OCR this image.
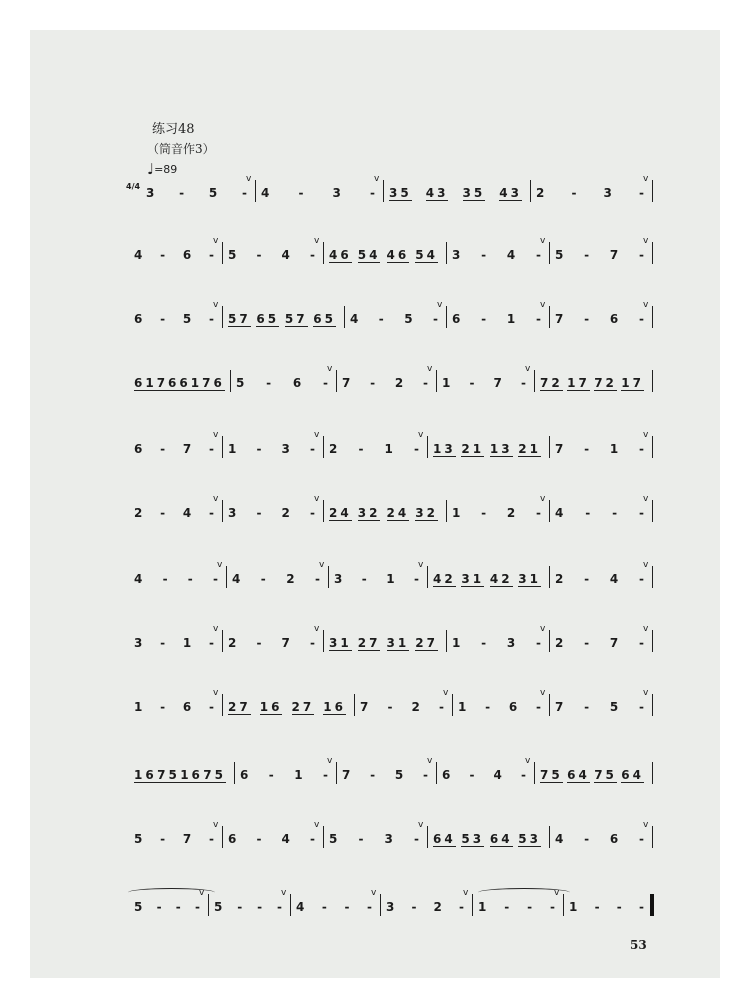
练习48
（筒音作3）
♩=89
3 - 5 -
v
4 - 3 -
v
35 43 35 43 2 - 3 -
v
4/4
4 - 6 -
v
5 - 4 -
v
46 54 46 54 3 - 4 -
v
5 - 7 -
v
6 - 5 -
v
57 65 57 65 4 - 5 -
v
6 - 1 -
v
7 - 6 -
v
61 76 61 76 5 - 6 -
v
7 - 2 -
v
1 - 7 -
v
72 17 72 17
6 - 7 -
v
1 - 3 -
v
2 - 1 -
v
13 21 13 21 7 - 1 -
v
2 - 4 -
v
3 - 2 -
v
24 32 24 32 1 - 2 -
v
4 - - -
v
4 - - -
v
4 - 2 -
v
3 - 1 -
v
42 31 42 31 2 - 4 -
v
3 - 1 -
v
2 - 7 -
v
31 27 31 27 1 - 3 -
v
2 - 7 -
v
1 - 6 -
v
27 16 27 16 7 - 2 -
v
1 - 6 -
v
7 - 5 -
v
16 75 16 75 6 - 1 -
v
7 - 5 -
v
6 - 4 -
v
75 64 75 64
5 - 7 -
v
6 - 4 -
v
5 - 3 -
v
64 53 64 53 4 - 6 -
v
5 - - -
v
5 - - -
v
4 - - -
v
3 - 2 -
v
1 - - -
v
1 - - -
53
